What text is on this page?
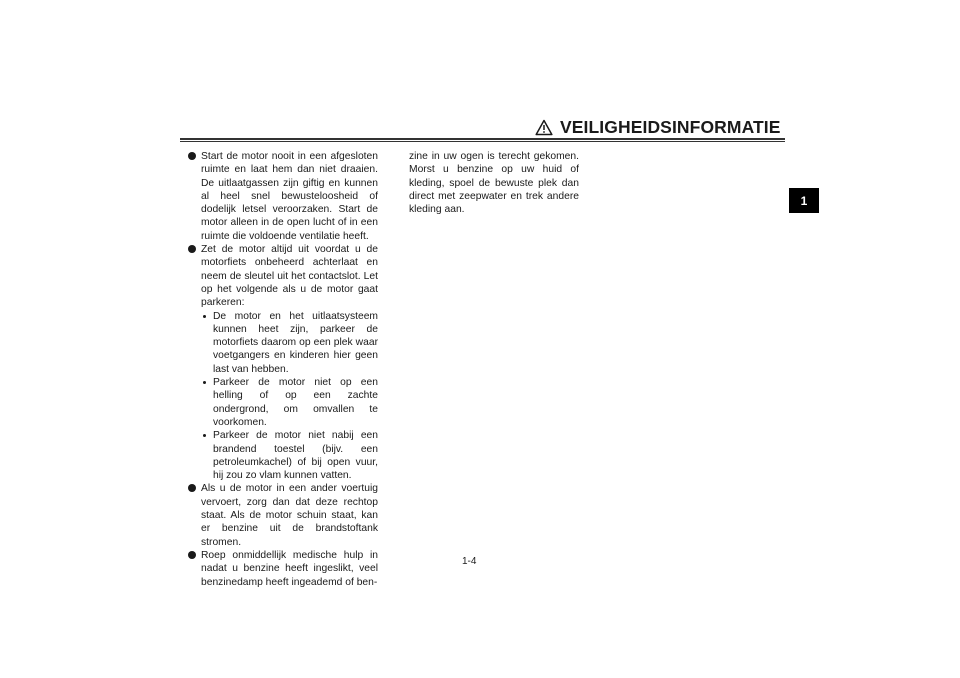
VEILIGHEIDSINFORMATIE
1
Start de motor nooit in een afgesloten ruimte en laat hem dan niet draaien. De uitlaatgassen zijn giftig en kunnen al heel snel bewusteloosheid of dodelijk letsel veroorzaken. Start de motor alleen in de open lucht of in een ruimte die voldoende ventilatie heeft.
Zet de motor altijd uit voordat u de motorfiets onbeheerd achterlaat en neem de sleutel uit het contactslot. Let op het volgende als u de motor gaat parkeren:
De motor en het uitlaatsysteem kunnen heet zijn, parkeer de motorfiets daarom op een plek waar voetgangers en kinderen hier geen last van hebben.
Parkeer de motor niet op een helling of op een zachte ondergrond, om omvallen te voorkomen.
Parkeer de motor niet nabij een brandend toestel (bijv. een petroleumkachel) of bij open vuur, hij zou zo vlam kunnen vatten.
Als u de motor in een ander voertuig vervoert, zorg dan dat deze rechtop staat. Als de motor schuin staat, kan er benzine uit de brandstoftank stromen.
Roep onmiddellijk medische hulp in nadat u benzine heeft ingeslikt, veel benzinedamp heeft ingeademd of ben-
zine in uw ogen is terecht gekomen. Morst u benzine op uw huid of kleding, spoel de bewuste plek dan direct met zeepwater en trek andere kleding aan.
1-4
